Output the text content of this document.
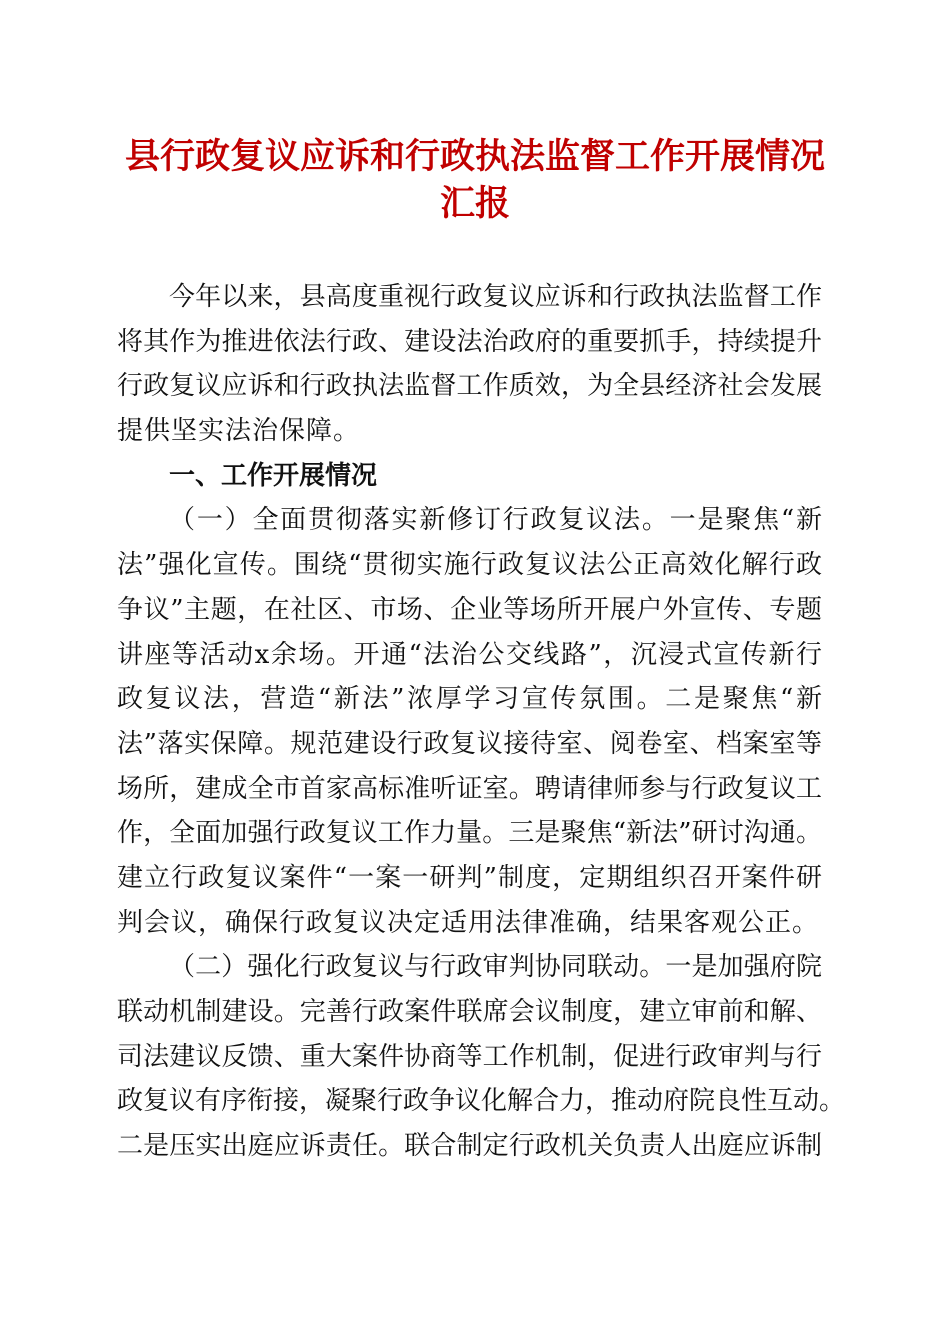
县行政复议应诉和行政执法监督工作开展情况
汇报
今年以来，县高度重视行政复议应诉和行政执法监督工作
将其作为推进依法行政、建设法治政府的重要抓手，持续提升
行政复议应诉和行政执法监督工作质效，为全县经济社会发展
提供坚实法治保障。
一、工作开展情况
（一）全面贯彻落实新修订行政复议法。一是聚焦“新
法”强化宣传。围绕“贯彻实施行政复议法公正高效化解行政
争议”主题，在社区、市场、企业等场所开展户外宣传、专题
讲座等活动x余场。开通“法治公交线路”，沉浸式宣传新行
政复议法，营造“新法”浓厚学习宣传氛围。二是聚焦“新
法”落实保障。规范建设行政复议接待室、阅卷室、档案室等
场所，建成全市首家高标准听证室。聘请律师参与行政复议工
作，全面加强行政复议工作力量。三是聚焦“新法”研讨沟通。
建立行政复议案件“一案一研判”制度，定期组织召开案件研
判会议，确保行政复议决定适用法律准确，结果客观公正。
（二）强化行政复议与行政审判协同联动。一是加强府院
联动机制建设。完善行政案件联席会议制度，建立审前和解、
司法建议反馈、重大案件协商等工作机制，促进行政审判与行
政复议有序衔接，凝聚行政争议化解合力，推动府院良性互动。
二是压实出庭应诉责任。联合制定行政机关负责人出庭应诉制
